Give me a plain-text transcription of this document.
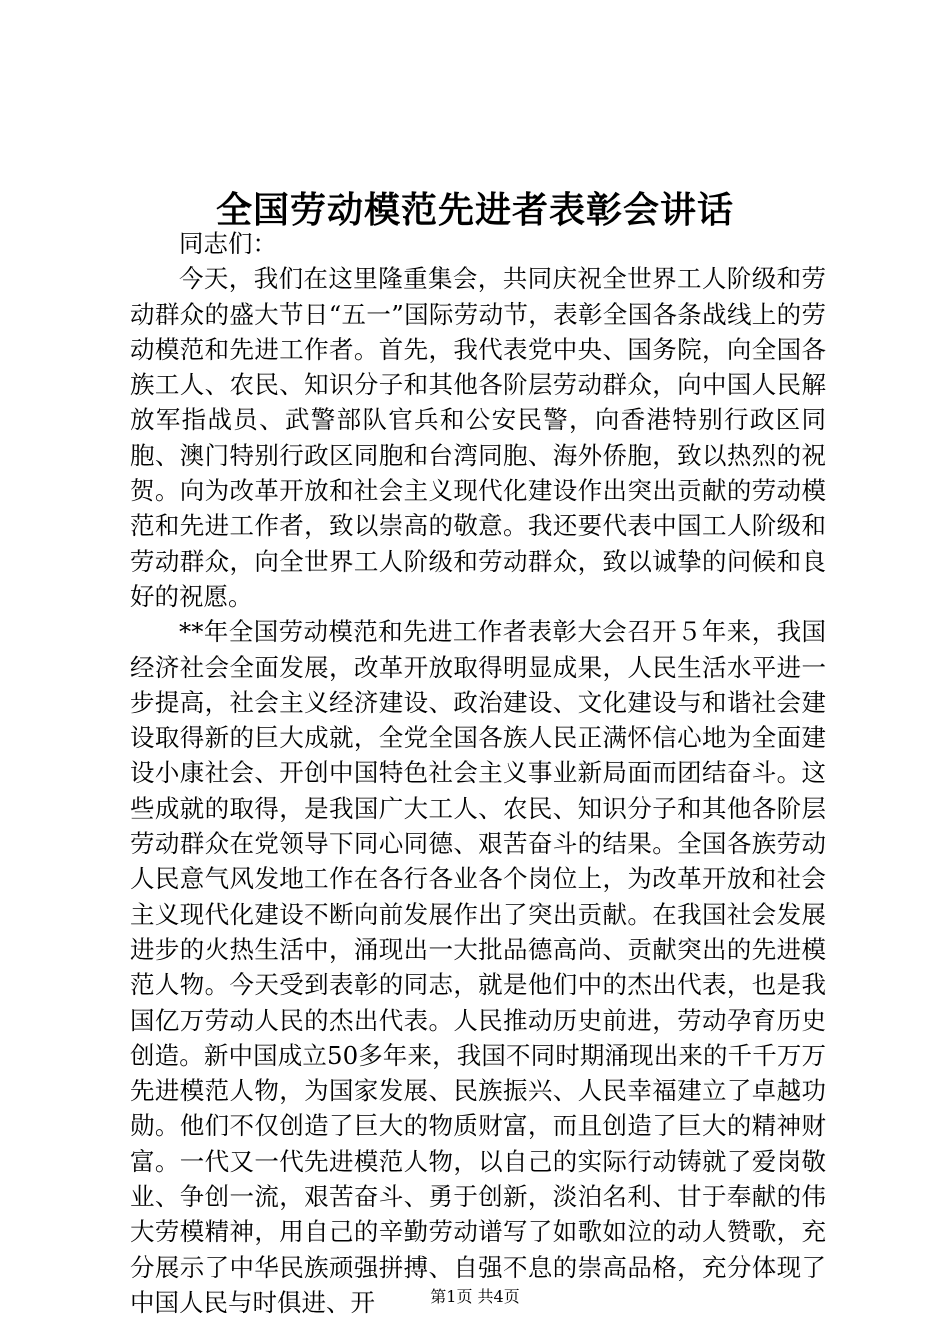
全国劳动模范先进者表彰会讲话

同志们：

今天，我们在这里隆重集会，共同庆祝全世界工人阶级和劳动群众的盛大节日“五一”国际劳动节，表彰全国各条战线上的劳动模范和先进工作者。首先，我代表党中央、国务院，向全国各族工人、农民、知识分子和其他各阶层劳动群众，向中国人民解放军指战员、武警部队官兵和公安民警，向香港特别行政区同胞、澳门特别行政区同胞和台湾同胞、海外侨胞，致以热烈的祝贺。向为改革开放和社会主义现代化建设作出突出贡献的劳动模范和先进工作者，致以崇高的敬意。我还要代表中国工人阶级和劳动群众，向全世界工人阶级和劳动群众，致以诚挚的问候和良好的祝愿。

**年全国劳动模范和先进工作者表彰大会召开５年来，我国经济社会全面发展，改革开放取得明显成果，人民生活水平进一步提高，社会主义经济建设、政治建设、文化建设与和谐社会建设取得新的巨大成就，全党全国各族人民正满怀信心地为全面建设小康社会、开创中国特色社会主义事业新局面而团结奋斗。这些成就的取得，是我国广大工人、农民、知识分子和其他各阶层劳动群众在党领导下同心同德、艰苦奋斗的结果。全国各族劳动人民意气风发地工作在各行各业各个岗位上，为改革开放和社会主义现代化建设不断向前发展作出了突出贡献。在我国社会发展进步的火热生活中，涌现出一大批品德高尚、贡献突出的先进模范人物。今天受到表彰的同志，就是他们中的杰出代表，也是我国亿万劳动人民的杰出代表。人民推动历史前进，劳动孕育历史创造。新中国成立50多年来，我国不同时期涌现出来的千千万万先进模范人物，为国家发展、民族振兴、人民幸福建立了卓越功勋。他们不仅创造了巨大的物质财富，而且创造了巨大的精神财富。一代又一代先进模范人物，以自己的实际行动铸就了爱岗敬业、争创一流，艰苦奋斗、勇于创新，淡泊名利、甘于奉献的伟大劳模精神，用自己的辛勤劳动谱写了如歌如泣的动人赞歌，充分展示了中华民族顽强拼搏、自强不息的崇高品格，充分体现了中国人民与时俱进、开	第1页 共4页
